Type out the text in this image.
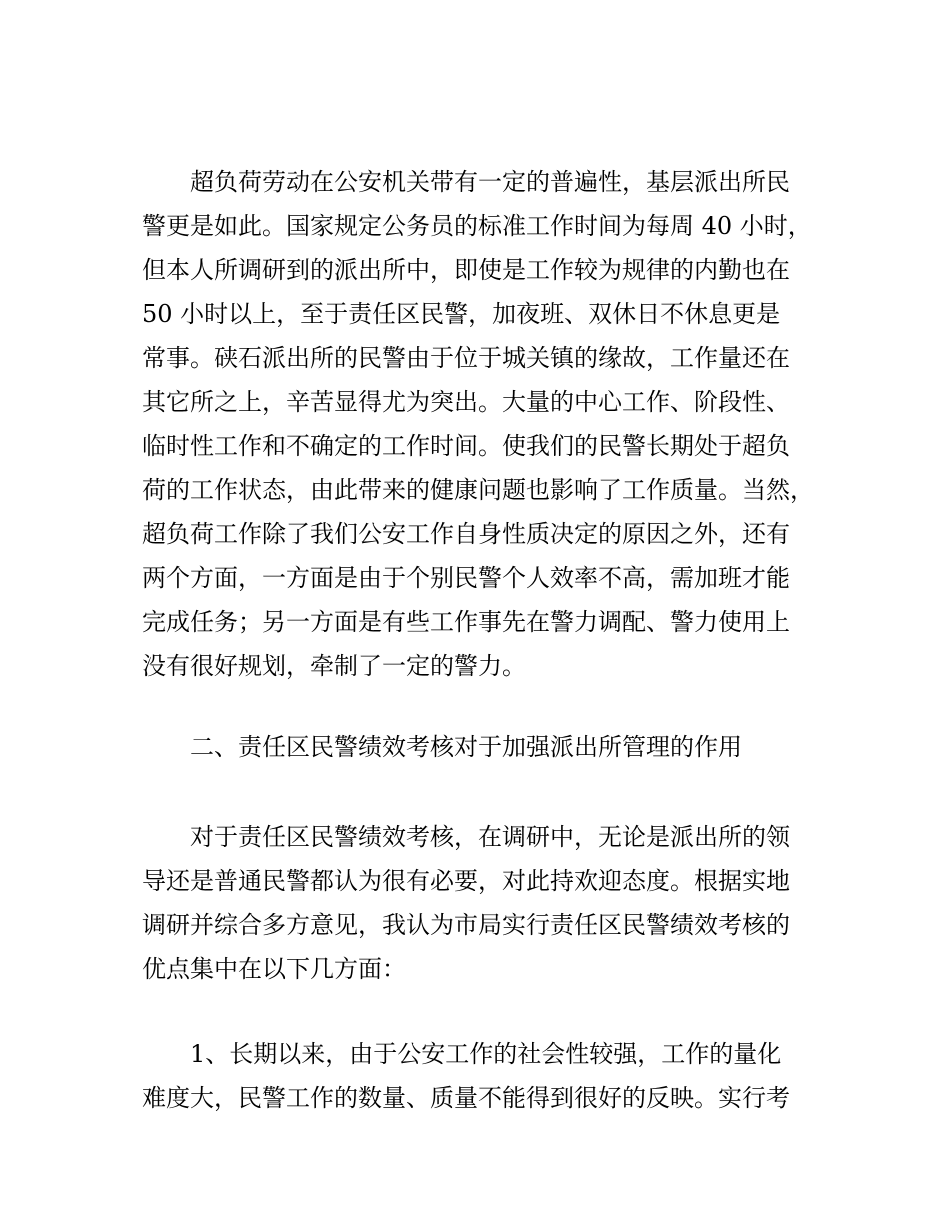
超负荷劳动在公安机关带有一定的普遍性，基层派出所民
警更是如此。国家规定公务员的标准工作时间为每周 40 小时，
但本人所调研到的派出所中，即使是工作较为规律的内勤也在
50 小时以上，至于责任区民警，加夜班、双休日不休息更是
常事。硖石派出所的民警由于位于城关镇的缘故，工作量还在
其它所之上，辛苦显得尤为突出。大量的中心工作、阶段性、
临时性工作和不确定的工作时间。使我们的民警长期处于超负
荷的工作状态，由此带来的健康问题也影响了工作质量。当然，
超负荷工作除了我们公安工作自身性质决定的原因之外，还有
两个方面，一方面是由于个别民警个人效率不高，需加班才能
完成任务；另一方面是有些工作事先在警力调配、警力使用上
没有很好规划，牵制了一定的警力。
二、责任区民警绩效考核对于加强派出所管理的作用
对于责任区民警绩效考核，在调研中，无论是派出所的领
导还是普通民警都认为很有必要，对此持欢迎态度。根据实地
调研并综合多方意见，我认为市局实行责任区民警绩效考核的
优点集中在以下几方面：
1、长期以来，由于公安工作的社会性较强，工作的量化
难度大，民警工作的数量、质量不能得到很好的反映。实行考
